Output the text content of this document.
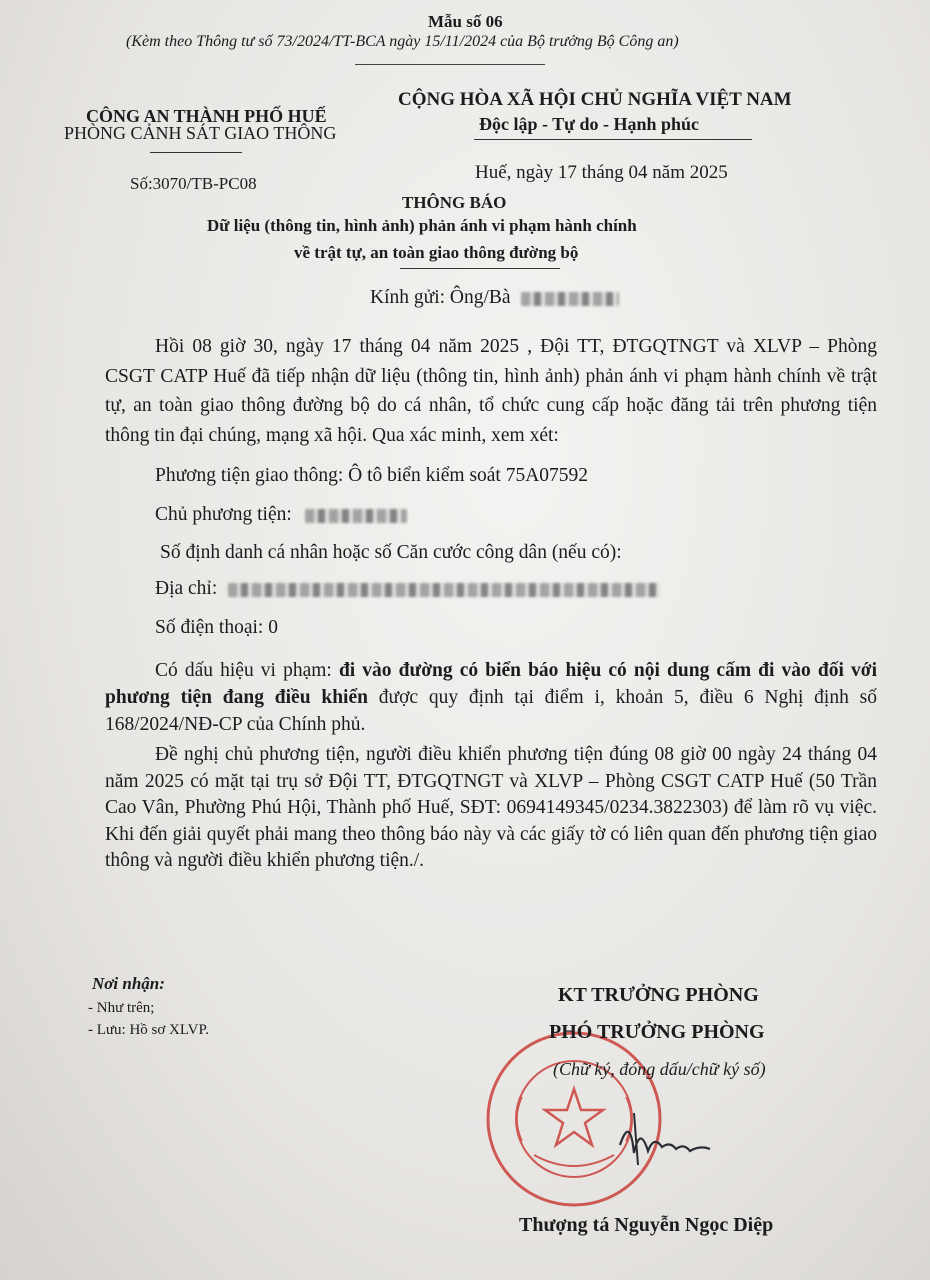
Mẫu số 06
(Kèm theo Thông tư số 73/2024/TT-BCA ngày 15/11/2024 của Bộ trưởng Bộ Công an)
CÔNG AN THÀNH PHỐ HUẾ
PHÒNG CẢNH SÁT GIAO THÔNG
Số:3070/TB-PC08
CỘNG HÒA XÃ HỘI CHỦ NGHĨA VIỆT NAM
Độc lập - Tự do - Hạnh phúc
Huế, ngày 17 tháng 04 năm 2025
THÔNG BÁO
Dữ liệu (thông tin, hình ảnh) phản ánh vi phạm hành chính
về trật tự, an toàn giao thông đường bộ
Kính gửi: Ông/Bà
Hồi 08 giờ 30, ngày 17 tháng 04 năm 2025 , Đội TT, ĐTGQTNGT và XLVP – Phòng CSGT CATP Huế đã tiếp nhận dữ liệu (thông tin, hình ảnh) phản ánh vi phạm hành chính về trật tự, an toàn giao thông đường bộ do cá nhân, tổ chức cung cấp hoặc đăng tải trên phương tiện thông tin đại chúng, mạng xã hội. Qua xác minh, xem xét:
Phương tiện giao thông: Ô tô biển kiểm soát 75A07592
Chủ phương tiện:
Số định danh cá nhân hoặc số Căn cước công dân (nếu có):
Địa chỉ:
Số điện thoại: 0
Có dấu hiệu vi phạm: đi vào đường có biển báo hiệu có nội dung cấm đi vào đối với phương tiện đang điều khiển được quy định tại điểm i, khoản 5, điều 6 Nghị định số 168/2024/NĐ-CP của Chính phủ.
Đề nghị chủ phương tiện, người điều khiển phương tiện đúng 08 giờ 00 ngày 24 tháng 04 năm 2025 có mặt tại trụ sở Đội TT, ĐTGQTNGT và XLVP – Phòng CSGT CATP Huế (50 Trần Cao Vân, Phường Phú Hội, Thành phố Huế, SĐT: 0694149345/0234.3822303) để làm rõ vụ việc. Khi đến giải quyết phải mang theo thông báo này và các giấy tờ có liên quan đến phương tiện giao thông và người điều khiển phương tiện./.
Nơi nhận:
- Như trên;
- Lưu: Hồ sơ XLVP.
KT TRƯỞNG PHÒNG
PHÓ TRƯỞNG PHÒNG
(Chữ ký, đóng dấu/chữ ký số)
Thượng tá Nguyễn Ngọc Diệp
